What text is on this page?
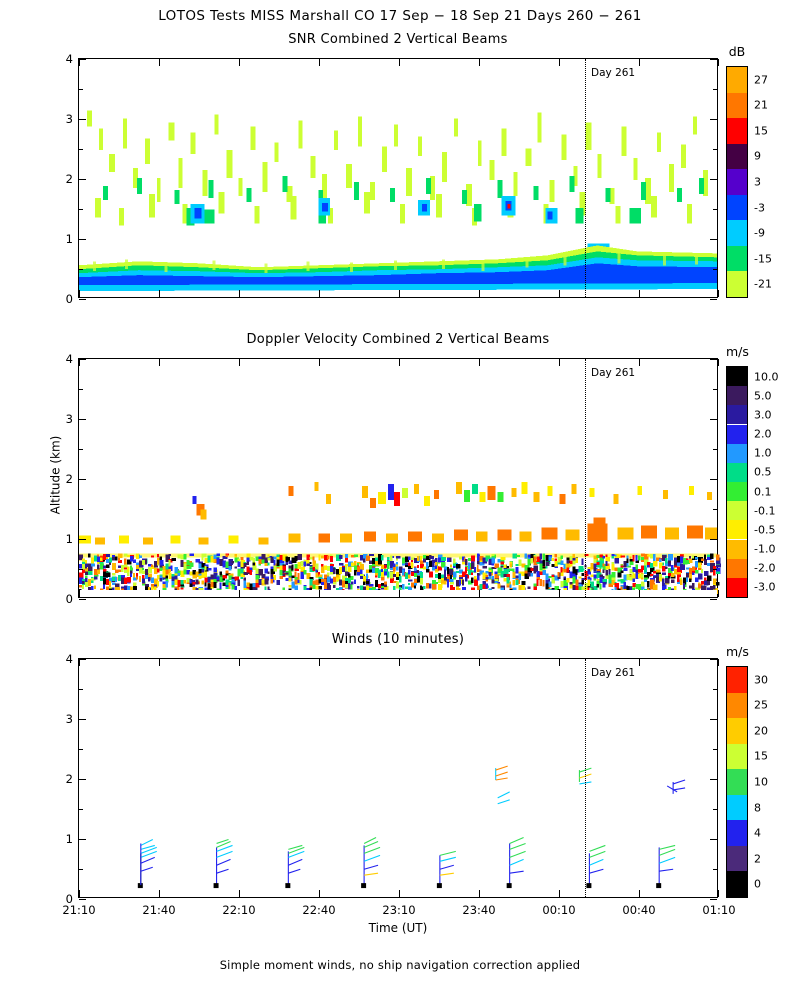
LOTOS Tests MISS Marshall CO 17 Sep − 18 Sep 21 Days 260 − 261
SNR Combined 2 Vertical Beams
Day 261
0
1
2
3
4	dB
27
21
15
9
3
-3
-9
-15
-21
Doppler Velocity Combined 2 Vertical Beams
Day 261
0
1
2
3
4
Altitude (km)
m/s
10.0
5.0
3.0
2.0
1.0
0.5
0.1
-0.1
-0.5
-1.0
-2.0
-3.0
Winds (10 minutes)
Day 261
0
1
2
3
4
21:10	21:40	22:10	22:40	23:10	23:40	00:10	00:40	01:10
Time (UT)
m/s
30
25
20
15
10
8
4
2
0
Simple moment winds, no ship navigation correction applied
